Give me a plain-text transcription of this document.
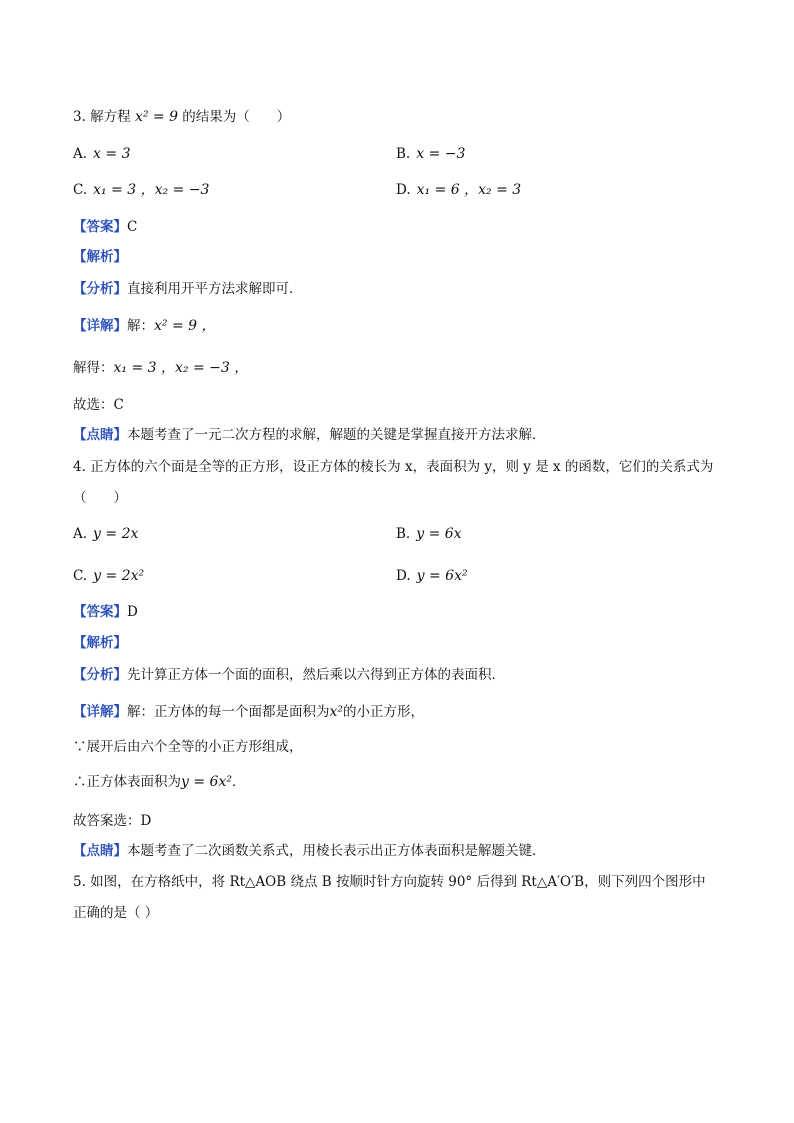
3. 解方程 x² = 9 的结果为（　　）
A. x = 3	B. x = −3
C. x₁ = 3 ，x₂ = −3	D. x₁ = 6 ，x₂ = 3
【答案】C
【解析】
【分析】直接利用开平方法求解即可．
【详解】解：x² = 9 ，
解得：x₁ = 3 ，x₂ = −3 ，
故选：C
【点睛】本题考查了一元二次方程的求解，解题的关键是掌握直接开方法求解．
4. 正方体的六个面是全等的正方形，设正方体的棱长为 x，表面积为 y，则 y 是 x 的函数，它们的关系式为
（　　）
A. y = 2x	B. y = 6x
C. y = 2x²	D. y = 6x²
【答案】D
【解析】
【分析】先计算正方体一个面的面积，然后乘以六得到正方体的表面积．
【详解】解：正方体的每一个面都是面积为x²的小正方形，
∵展开后由六个全等的小正方形组成，
∴正方体表面积为y = 6x²．
故答案选：D
【点睛】本题考查了二次函数关系式，用棱长表示出正方体表面积是解题关键．
5. 如图，在方格纸中，将 Rt△AOB 绕点 B 按顺时针方向旋转 90° 后得到 Rt△A′O′B，则下列四个图形中
正确的是（ ）
